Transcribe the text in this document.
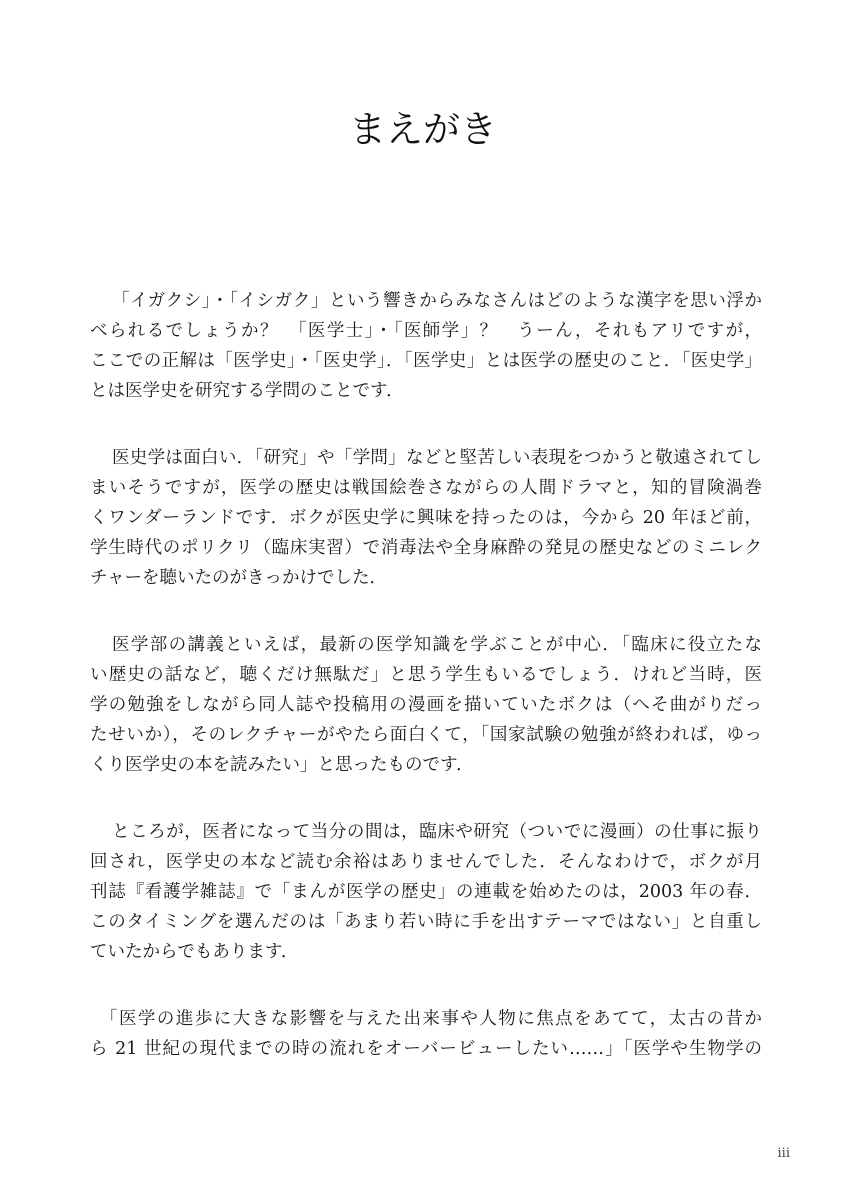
まえがき
「イガクシ」・「イシガク」という響きからみなさんはどのような漢字を思い浮か
べられるでしょうか？　「医学士」・「医師学」？　うーん，それもアリですが，
ここでの正解は「医学史」・「医史学」．「医学史」とは医学の歴史のこと．「医史学」
とは医学史を研究する学問のことです．
医史学は面白い．「研究」や「学問」などと堅苦しい表現をつかうと敬遠されてし
まいそうですが，医学の歴史は戦国絵巻さながらの人間ドラマと，知的冒険渦巻
くワンダーランドです．ボクが医史学に興味を持ったのは，今から 20 年ほど前，
学生時代のポリクリ（臨床実習）で消毒法や全身麻酔の発見の歴史などのミニレク
チャーを聴いたのがきっかけでした．
医学部の講義といえば，最新の医学知識を学ぶことが中心．「臨床に役立たな
い歴史の話など，聴くだけ無駄だ」と思う学生もいるでしょう．けれど当時，医
学の勉強をしながら同人誌や投稿用の漫画を描いていたボクは（へそ曲がりだっ
たせいか），そのレクチャーがやたら面白くて，「国家試験の勉強が終われば，ゆっ
くり医学史の本を読みたい」と思ったものです．
ところが，医者になって当分の間は，臨床や研究（ついでに漫画）の仕事に振り
回され，医学史の本など読む余裕はありませんでした．そんなわけで，ボクが月
刊誌『看護学雑誌』で「まんが医学の歴史」の連載を始めたのは，2003 年の春．
このタイミングを選んだのは「あまり若い時に手を出すテーマではない」と自重し
ていたからでもあります．
「医学の進歩に大きな影響を与えた出来事や人物に焦点をあてて，太古の昔か
ら 21 世紀の現代までの時の流れをオーバービューしたい……」「医学や生物学の

iii
